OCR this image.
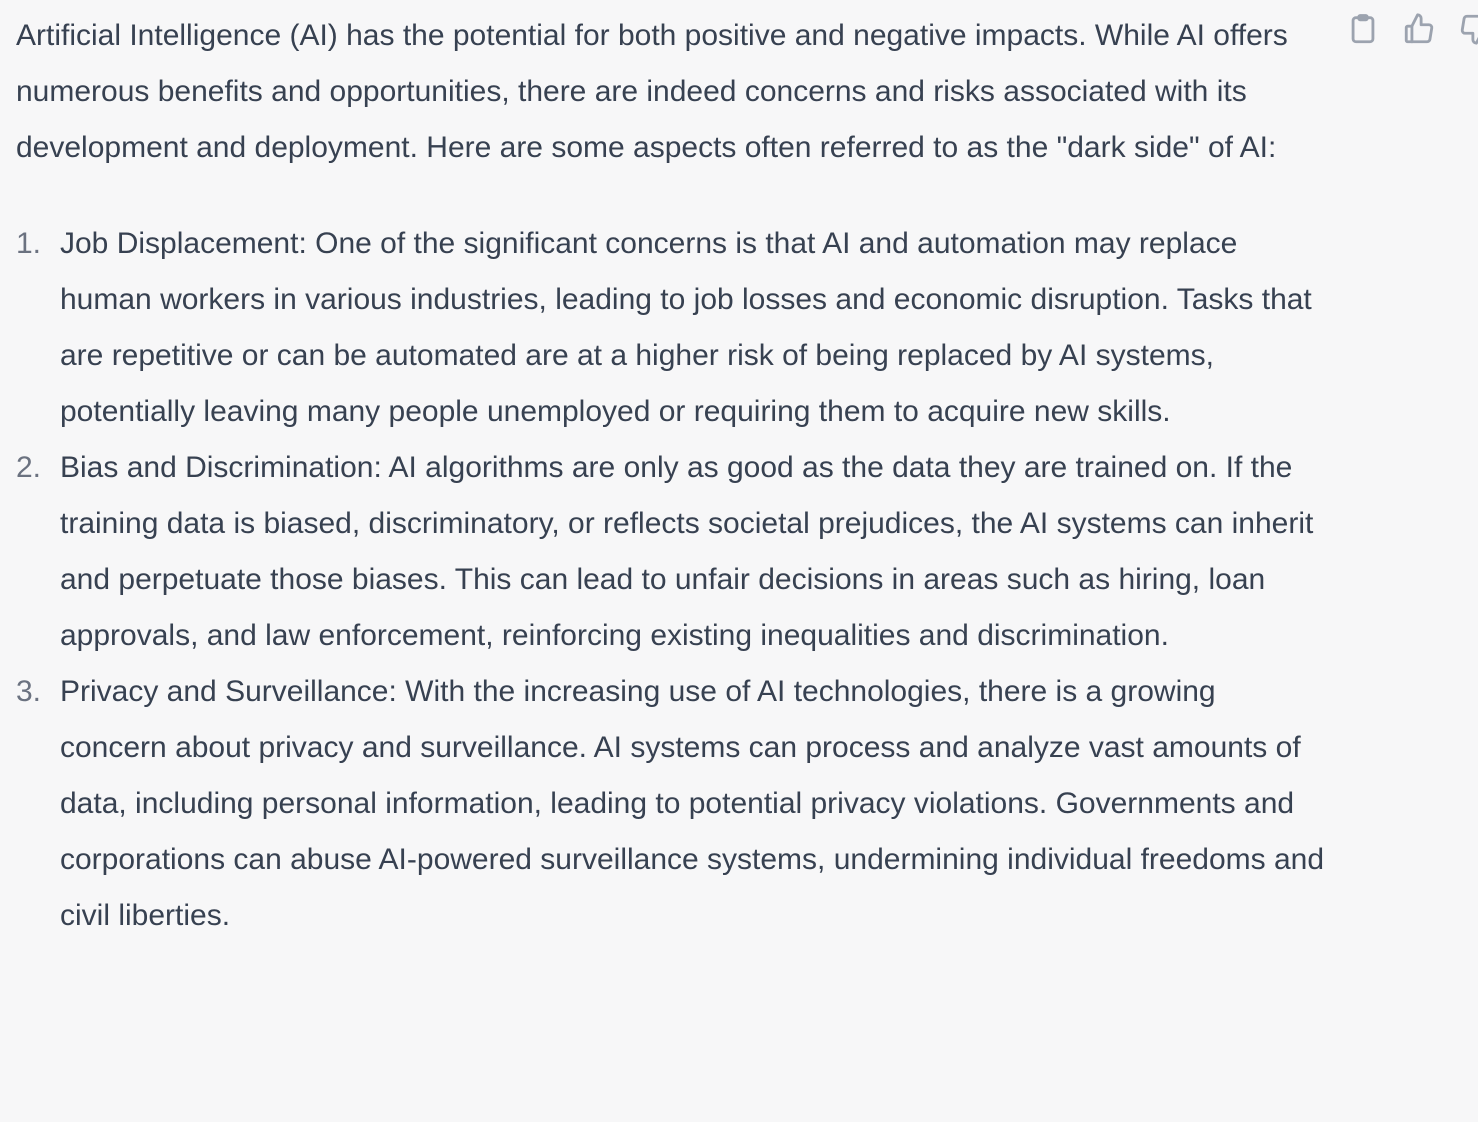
Artificial Intelligence (AI) has the potential for both positive and negative impacts. While AI offers numerous benefits and opportunities, there are indeed concerns and risks associated with its development and deployment. Here are some aspects often referred to as the "dark side" of AI:

1. Job Displacement: One of the significant concerns is that AI and automation may replace human workers in various industries, leading to job losses and economic disruption. Tasks that are repetitive or can be automated are at a higher risk of being replaced by AI systems, potentially leaving many people unemployed or requiring them to acquire new skills.
2. Bias and Discrimination: AI algorithms are only as good as the data they are trained on. If the training data is biased, discriminatory, or reflects societal prejudices, the AI systems can inherit and perpetuate those biases. This can lead to unfair decisions in areas such as hiring, loan approvals, and law enforcement, reinforcing existing inequalities and discrimination.
3. Privacy and Surveillance: With the increasing use of AI technologies, there is a growing concern about privacy and surveillance. AI systems can process and analyze vast amounts of data, including personal information, leading to potential privacy violations. Governments and corporations can abuse AI-powered surveillance systems, undermining individual freedoms and civil liberties.
